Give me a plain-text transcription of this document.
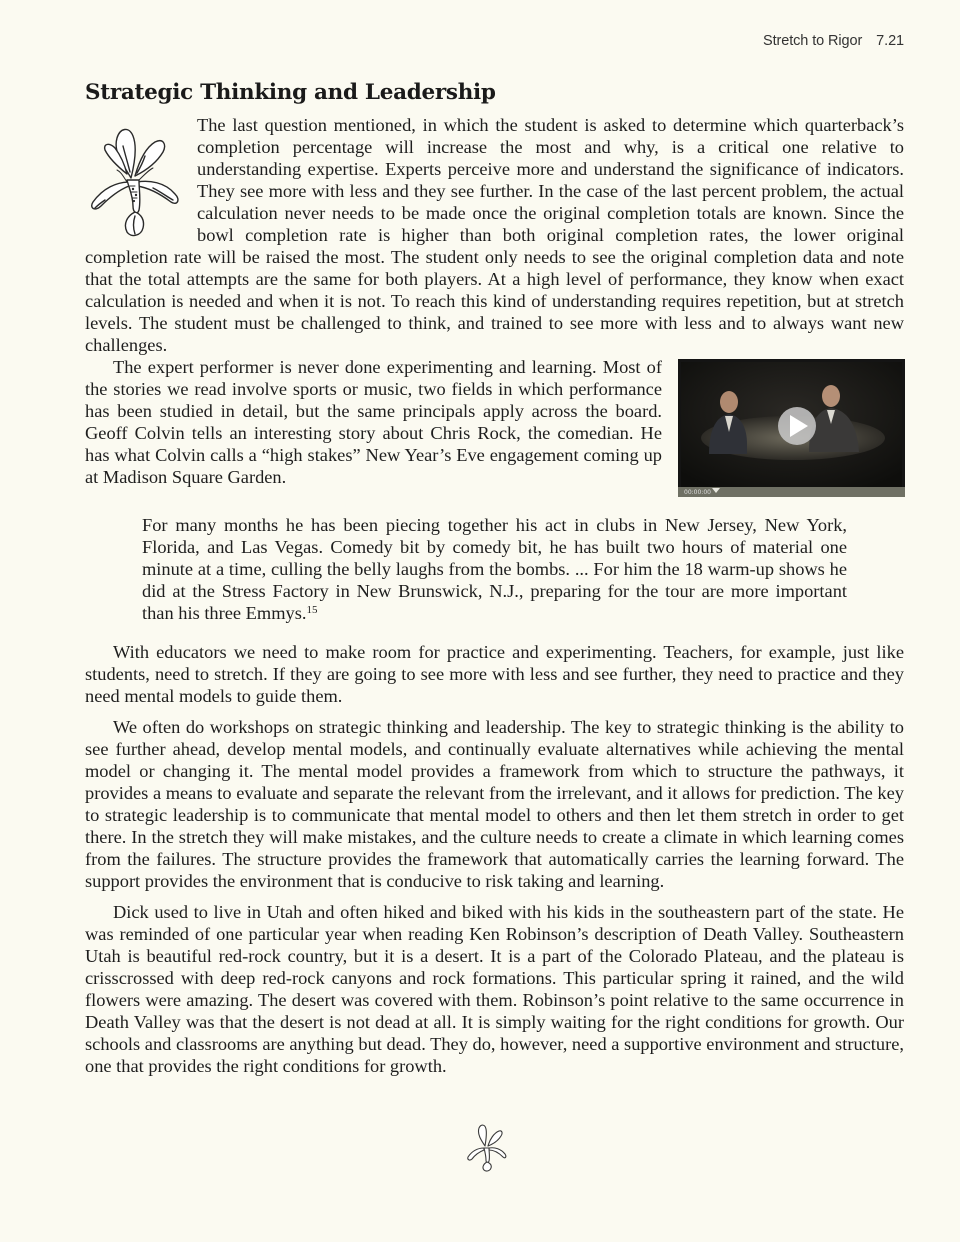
Stretch to Rigor 7.21
Strategic Thinking and Leadership

The last question mentioned, in which the student is asked to determine which quarterback’s completion percentage will increase the most and why, is a critical one relative to understanding expertise. Experts perceive more and understand the significance of indicators. They see more with less and they see further. In the case of the last percent problem, the actual calculation never needs to be made once the original completion totals are known. Since the bowl completion rate is higher than both original completion rates, the lower original completion rate will be raised the most. The student only needs to see the original completion data and note that the total attempts are the same for both players. At a high level of performance, they know when exact calculation is needed and when it is not. To reach this kind of understanding requires repetition, but at stretch levels. The student must be challenged to think, and trained to see more with less and to always want new challenges.

00:00:00

The expert performer is never done experimenting and learning. Most of the stories we read involve sports or music, two fields in which performance has been studied in detail, but the same principals apply across the board. Geoff Colvin tells an interesting story about Chris Rock, the comedian. He has what Colvin calls a “high stakes” New Year’s Eve engagement coming up at Madison Square Garden.

For many months he has been piecing together his act in clubs in New Jersey, New York, Florida, and Las Vegas. Comedy bit by comedy bit, he has built two hours of material one minute at a time, culling the belly laughs from the bombs. ... For him the 18 warm-up shows he did at the Stress Factory in New Brunswick, N.J., preparing for the tour are more important than his three Emmys.$^{15}$

With educators we need to make room for practice and experimenting. Teachers, for example, just like students, need to stretch. If they are going to see more with less and see further, they need to practice and they need mental models to guide them.

We often do workshops on strategic thinking and leadership. The key to strategic thinking is the ability to see further ahead, develop mental models, and continually evaluate alternatives while achieving the mental model or changing it. The mental model provides a framework from which to structure the pathways, it provides a means to evaluate and separate the relevant from the irrelevant, and it allows for prediction. The key to strategic leadership is to communicate that mental model to others and then let them stretch in order to get there. In the stretch they will make mistakes, and the culture needs to create a climate in which learning comes from the failures. The structure provides the framework that automatically carries the learning forward. The support provides the environment that is conducive to risk taking and learning.

Dick used to live in Utah and often hiked and biked with his kids in the southeastern part of the state. He was reminded of one particular year when reading Ken Robinson’s description of Death Valley. Southeastern Utah is beautiful red-rock country, but it is a desert. It is a part of the Colorado Plateau, and the plateau is crisscrossed with deep red-rock canyons and rock formations. This particular spring it rained, and the wild flowers were amazing. The desert was covered with them. Robinson’s point relative to the same occurrence in Death Valley was that the desert is not dead at all. It is simply waiting for the right conditions for growth. Our schools and classrooms are anything but dead. They do, however, need a supportive environment and structure, one that provides the right conditions for growth.
